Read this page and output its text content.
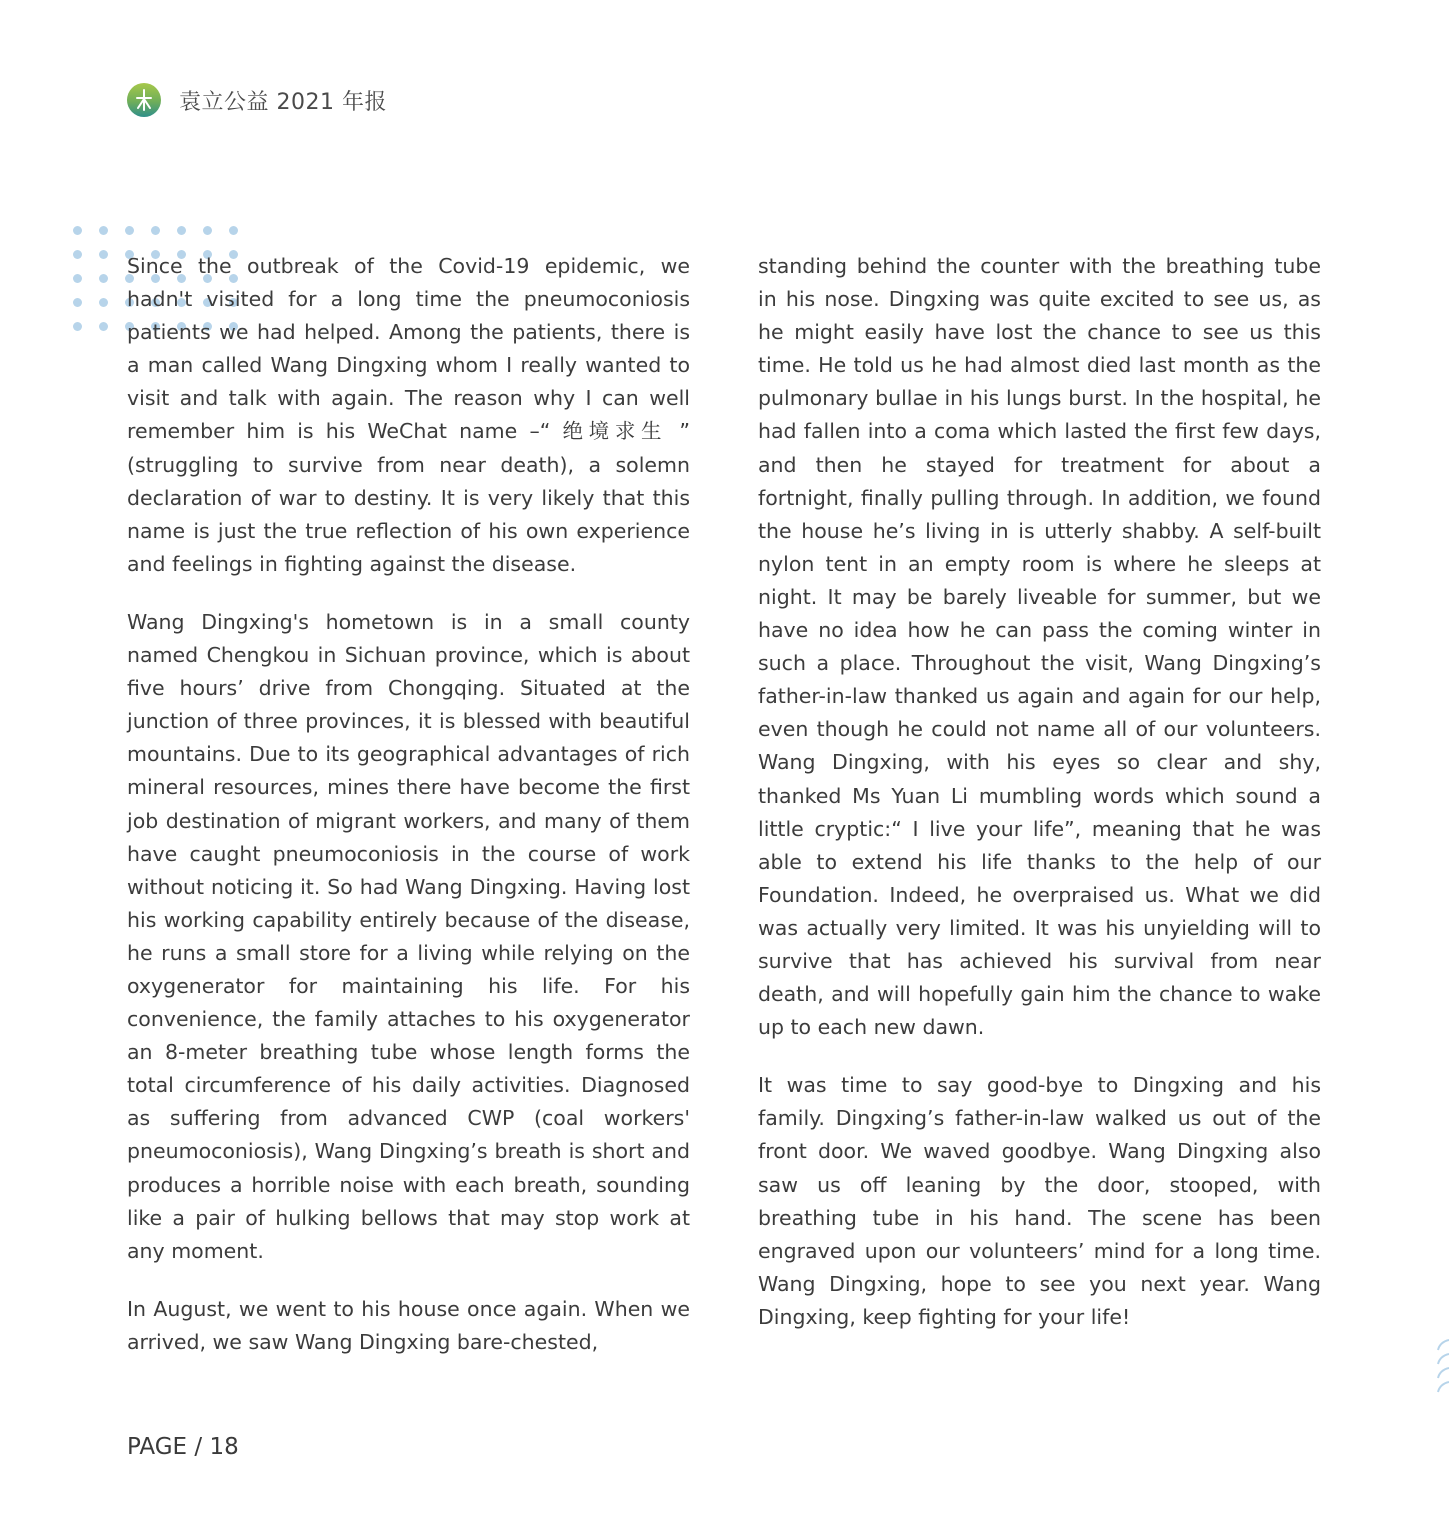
袁立公益 2021 年报

Since the outbreak of the Covid-19 epidemic, we hadn't visited for a long time the pneumoconiosis patients we had helped. Among the patients, there is a man called Wang Dingxing whom I really wanted to visit and talk with again. The reason why I can well remember him is his WeChat name –“ 绝境求生 ” (struggling to survive from near death), a solemn declaration of war to destiny. It is very likely that this name is just the true reflection of his own experience and feelings in fighting against the disease.

Wang Dingxing's hometown is in a small county named Chengkou in Sichuan province, which is about five hours’ drive from Chongqing. Situated at the junction of three provinces, it is blessed with beautiful mountains. Due to its geographical advantages of rich mineral resources, mines there have become the first job destination of migrant workers, and many of them have caught pneumoconiosis in the course of work without noticing it. So had Wang Dingxing. Having lost his working capability entirely because of the disease, he runs a small store for a living while relying on the oxygenerator for maintaining his life. For his convenience, the family attaches to his oxygenerator an 8-meter breathing tube whose length forms the total circumference of his daily activities. Diagnosed as suffering from advanced CWP (coal workers' pneumoconiosis), Wang Dingxing’s breath is short and produces a horrible noise with each breath, sounding like a pair of hulking bellows that may stop work at any moment.

In August, we went to his house once again. When we arrived, we saw Wang Dingxing bare-chested,

standing behind the counter with the breathing tube in his nose. Dingxing was quite excited to see us, as he might easily have lost the chance to see us this time. He told us he had almost died last month as the pulmonary bullae in his lungs burst. In the hospital, he had fallen into a coma which lasted the first few days, and then he stayed for treatment for about a fortnight, finally pulling through. In addition, we found the house he’s living in is utterly shabby. A self-built nylon tent in an empty room is where he sleeps at night. It may be barely liveable for summer, but we have no idea how he can pass the coming winter in such a place. Throughout the visit, Wang Dingxing’s father-in-law thanked us again and again for our help, even though he could not name all of our volunteers. Wang Dingxing, with his eyes so clear and shy, thanked Ms Yuan Li mumbling words which sound a little cryptic:“ I live your life”, meaning that he was able to extend his life thanks to the help of our Foundation. Indeed, he overpraised us. What we did was actually very limited. It was his unyielding will to survive that has achieved his survival from near death, and will hopefully gain him the chance to wake up to each new dawn.

It was time to say good-bye to Dingxing and his family. Dingxing’s father-in-law walked us out of the front door. We waved goodbye. Wang Dingxing also saw us off leaning by the door, stooped, with breathing tube in his hand. The scene has been engraved upon our volunteers’ mind for a long time. Wang Dingxing, hope to see you next year. Wang Dingxing, keep fighting for your life!

PAGE / 18
